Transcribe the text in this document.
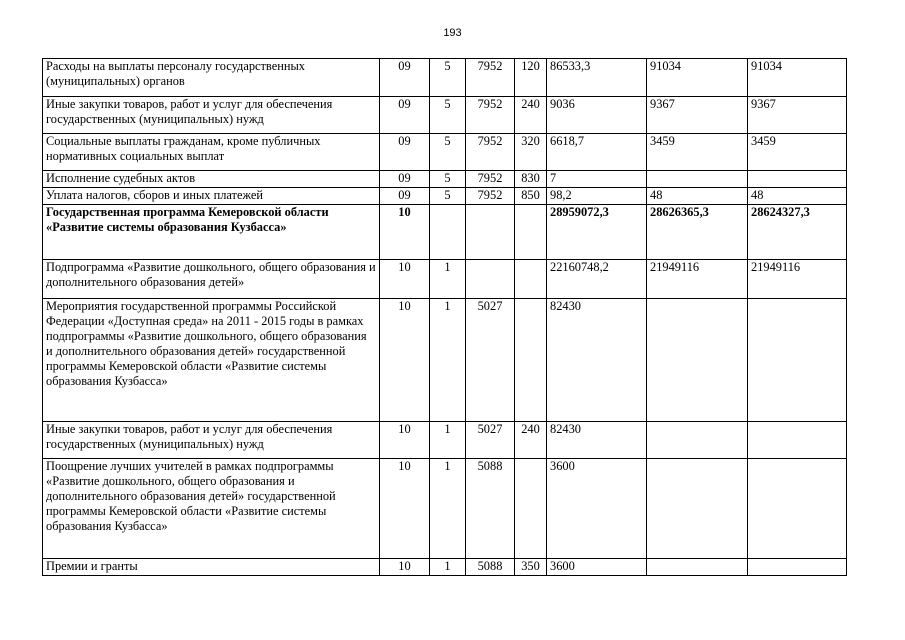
193
Расходы на выплаты персоналу государственных (муниципальных) органов	09	5	7952	120	86533,3	91034	91034
Иные закупки товаров, работ и услуг для обеспечения государственных (муниципальных) нужд	09	5	7952	240	9036	9367	9367
Социальные выплаты гражданам, кроме публичных нормативных социальных выплат	09	5	7952	320	6618,7	3459	3459
Исполнение судебных актов	09	5	7952	830	7		
Уплата налогов, сборов и иных платежей	09	5	7952	850	98,2	48	48
Государственная программа Кемеровской области «Развитие системы образования Кузбасса»	10				28959072,3	28626365,3	28624327,3
Подпрограмма «Развитие дошкольного, общего образования и дополнительного образования детей»	10	1			22160748,2	21949116	21949116
Мероприятия государственной программы Российской Федерации «Доступная среда» на 2011 - 2015 годы в рамках подпрограммы «Развитие дошкольного, общего образования и дополнительного образования детей» государственной программы Кемеровской области «Развитие системы образования Кузбасса»	10	1	5027		82430		
Иные закупки товаров, работ и услуг для обеспечения государственных (муниципальных) нужд	10	1	5027	240	82430		
Поощрение лучших учителей в рамках подпрограммы «Развитие дошкольного, общего образования и дополнительного образования детей» государственной программы Кемеровской области «Развитие системы образования Кузбасса»	10	1	5088		3600		
Премии и гранты	10	1	5088	350	3600		
